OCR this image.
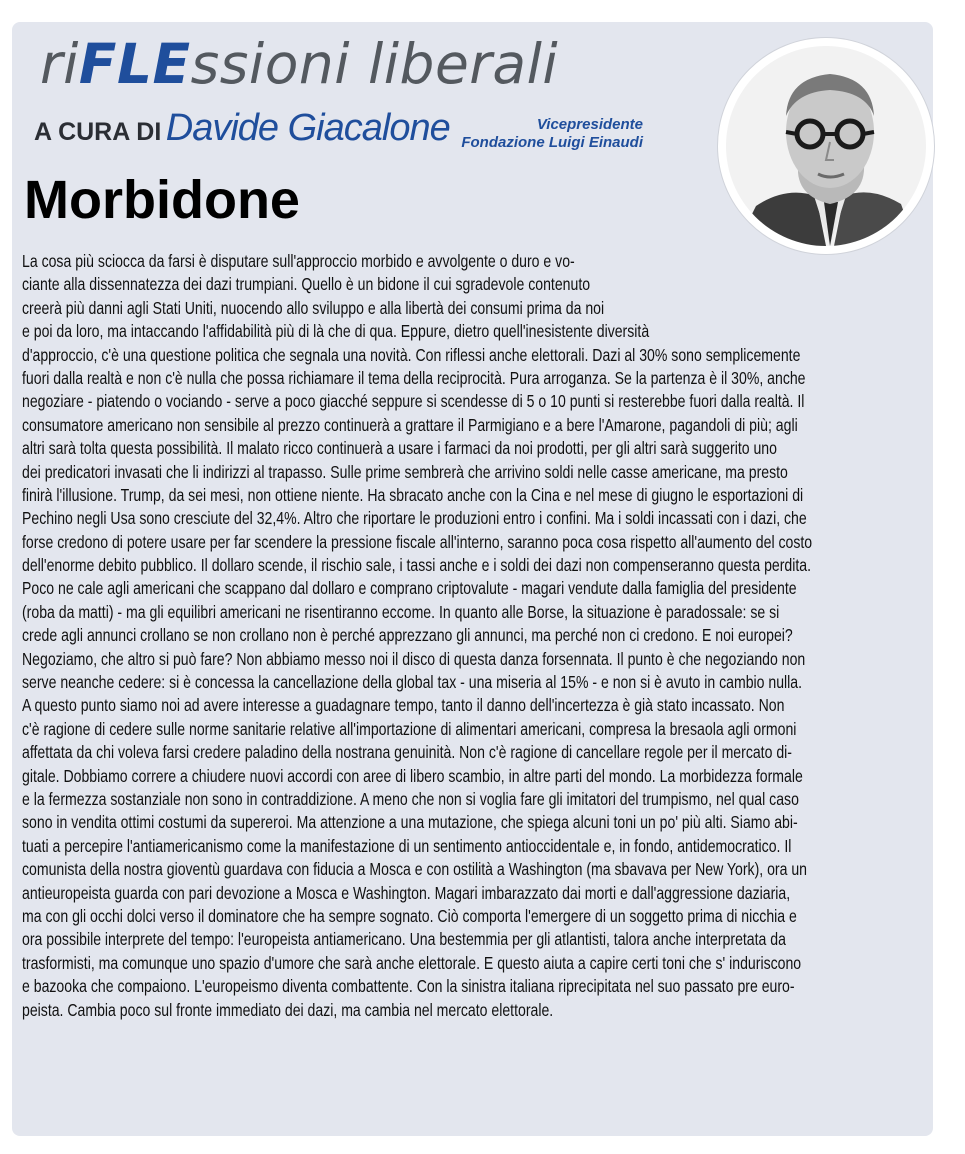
riFLEssioni liberali
A CURA DI Davide Giacalone	Vicepresidente
Fondazione Luigi Einaudi
Morbidone
La cosa più sciocca da farsi è disputare sull'approccio morbido e avvolgente o duro e vo-
ciante alla dissennatezza dei dazi trumpiani. Quello è un bidone il cui sgradevole contenuto
creerà più danni agli Stati Uniti, nuocendo allo sviluppo e alla libertà dei consumi prima da noi
e poi da loro, ma intaccando l'affidabilità più di là che di qua. Eppure, dietro quell'inesistente diversità
d'approccio, c'è una questione politica che segnala una novità. Con riflessi anche elettorali. Dazi al 30% sono semplicemente
fuori dalla realtà e non c'è nulla che possa richiamare il tema della reciprocità. Pura arroganza. Se la partenza è il 30%, anche
negoziare - piatendo o vociando - serve a poco giacché seppure si scendesse di 5 o 10 punti si resterebbe fuori dalla realtà. Il
consumatore americano non sensibile al prezzo continuerà a grattare il Parmigiano e a bere l'Amarone, pagandoli di più; agli
altri sarà tolta questa possibilità. Il malato ricco continuerà a usare i farmaci da noi prodotti, per gli altri sarà suggerito uno
dei predicatori invasati che li indirizzi al trapasso. Sulle prime sembrerà che arrivino soldi nelle casse americane, ma presto
finirà l'illusione. Trump, da sei mesi, non ottiene niente. Ha sbracato anche con la Cina e nel mese di giugno le esportazioni di
Pechino negli Usa sono cresciute del 32,4%. Altro che riportare le produzioni entro i confini. Ma i soldi incassati con i dazi, che
forse credono di potere usare per far scendere la pressione fiscale all'interno, saranno poca cosa rispetto all'aumento del costo
dell'enorme debito pubblico. Il dollaro scende, il rischio sale, i tassi anche e i soldi dei dazi non compenseranno questa perdita.
Poco ne cale agli americani che scappano dal dollaro e comprano criptovalute - magari vendute dalla famiglia del presidente
(roba da matti) - ma gli equilibri americani ne risentiranno eccome. In quanto alle Borse, la situazione è paradossale: se si
crede agli annunci crollano se non crollano non è perché apprezzano gli annunci, ma perché non ci credono. E noi europei?
Negoziamo, che altro si può fare? Non abbiamo messo noi il disco di questa danza forsennata. Il punto è che negoziando non
serve neanche cedere: si è concessa la cancellazione della global tax - una miseria al 15% - e non si è avuto in cambio nulla.
A questo punto siamo noi ad avere interesse a guadagnare tempo, tanto il danno dell'incertezza è già stato incassato. Non
c'è ragione di cedere sulle norme sanitarie relative all'importazione di alimentari americani, compresa la bresaola agli ormoni
affettata da chi voleva farsi credere paladino della nostrana genuinità. Non c'è ragione di cancellare regole per il mercato di-
gitale. Dobbiamo correre a chiudere nuovi accordi con aree di libero scambio, in altre parti del mondo. La morbidezza formale
e la fermezza sostanziale non sono in contraddizione. A meno che non si voglia fare gli imitatori del trumpismo, nel qual caso
sono in vendita ottimi costumi da supereroi. Ma attenzione a una mutazione, che spiega alcuni toni un po' più alti. Siamo abi-
tuati a percepire l'antiamericanismo come la manifestazione di un sentimento antioccidentale e, in fondo, antidemocratico. Il
comunista della nostra gioventù guardava con fiducia a Mosca e con ostilità a Washington (ma sbavava per New York), ora un
antieuropeista guarda con pari devozione a Mosca e Washington. Magari imbarazzato dai morti e dall'aggressione daziaria,
ma con gli occhi dolci verso il dominatore che ha sempre sognato. Ciò comporta l'emergere di un soggetto prima di nicchia e
ora possibile interprete del tempo: l'europeista antiamericano. Una bestemmia per gli atlantisti, talora anche interpretata da
trasformisti, ma comunque uno spazio d'umore che sarà anche elettorale. E questo aiuta a capire certi toni che s' induriscono
e bazooka che compaiono. L'europeismo diventa combattente. Con la sinistra italiana riprecipitata nel suo passato pre euro-
peista. Cambia poco sul fronte immediato dei dazi, ma cambia nel mercato elettorale.
